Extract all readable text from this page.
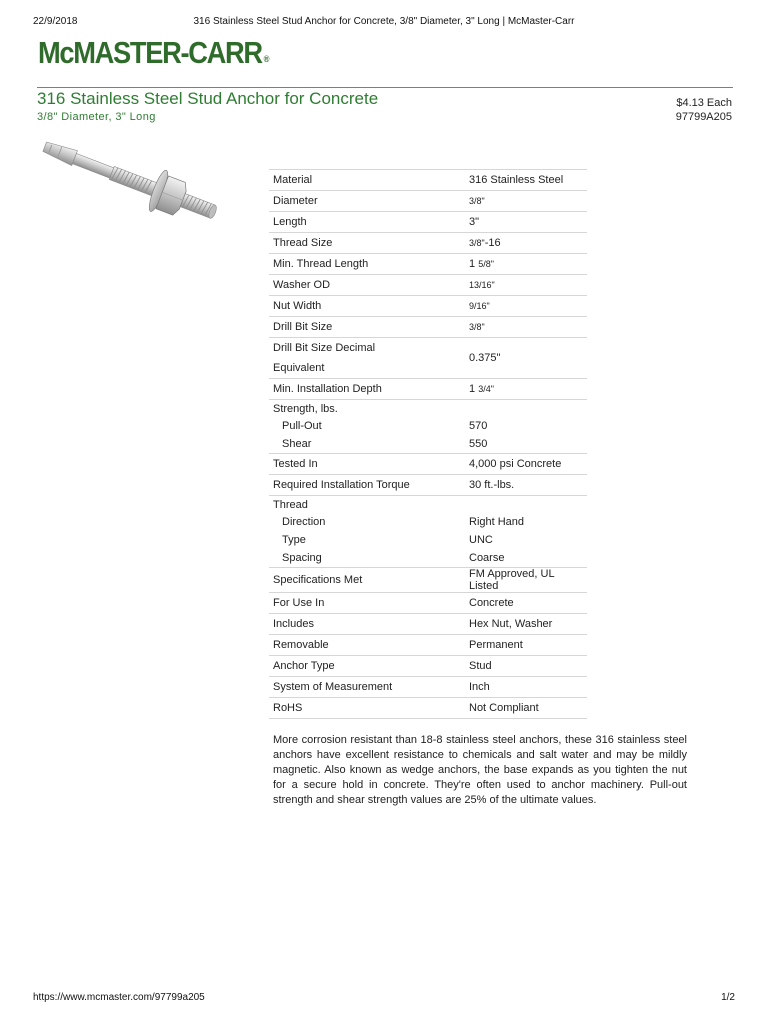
22/9/2018	316 Stainless Steel Stud Anchor for Concrete, 3/8" Diameter, 3" Long | McMaster-Carr
McMASTER-CARR ®
316 Stainless Steel Stud Anchor for Concrete
3/8" Diameter, 3" Long
$4.13 Each
97799A205
Material	316 Stainless Steel
Diameter	3/8"
Length	3"
Thread Size	3/8"-16
Min. Thread Length	1 5/8"
Washer OD	13/16"
Nut Width	9/16"
Drill Bit Size	3/8"
Drill Bit Size Decimal
Equivalent	0.375"
Min. Installation Depth	1 3/4"
Strength, lbs.	
Pull-Out	570
Shear	550
Tested In	4,000 psi Concrete
Required Installation Torque	30 ft.-lbs.
Thread	
Direction	Right Hand
Type	UNC
Spacing	Coarse
Specifications Met	FM Approved, UL Listed
For Use In	Concrete
Includes	Hex Nut, Washer
Removable	Permanent
Anchor Type	Stud
System of Measurement	Inch
RoHS	Not Compliant

More corrosion resistant than 18-8 stainless steel anchors, these 316 stainless steel anchors have excellent resistance to chemicals and salt water and may be mildly magnetic. Also known as wedge anchors, the base expands as you tighten the nut for a secure hold in concrete. They're often used to anchor machinery. Pull-out strength and shear strength values are 25% of the ultimate values.

https://www.mcmaster.com/97799a205	1/2
